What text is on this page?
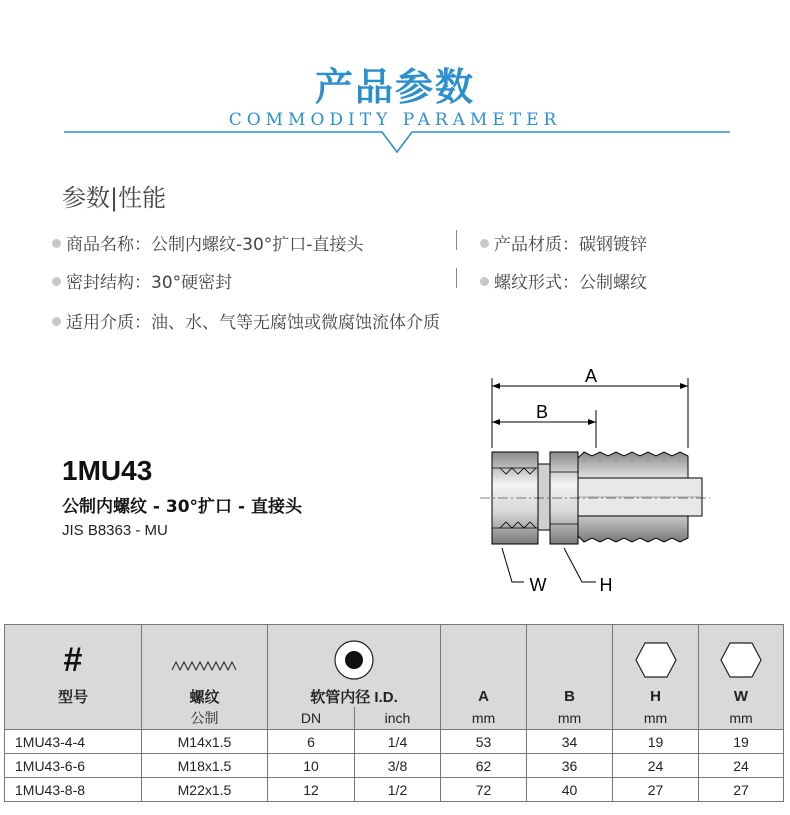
产品参数
COMMODITY PARAMETER
参数|性能
商品名称：公制内螺纹-30°扩口-直接头	产品材质：碳钢镀锌
密封结构：30°硬密封	螺纹形式：公制螺纹
适用介质：油、水、气等无腐蚀或微腐蚀流体介质
1MU43
公制内螺纹 - 30°扩口 - 直接头
JIS B8363 - MU
A
B
W	H
#						
型号	螺纹	软管内径 I.D.		A	B	H	W
	公制	DN	inch	mm	mm	mm	mm
1MU43-4-4	M14x1.5	6	1/4	53	34	19	19
1MU43-6-6	M18x1.5	10	3/8	62	36	24	24
1MU43-8-8	M22x1.5	12	1/2	72	40	27	27
